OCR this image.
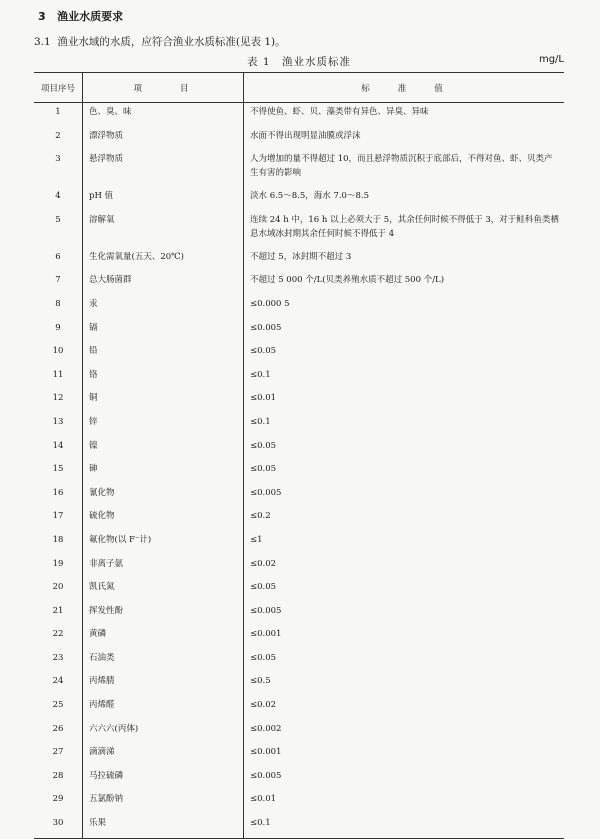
3 渔业水质要求

3.1 渔业水域的水质，应符合渔业水质标准(见表 1)。

表 1　渔业水质标准	mg/L
项目序号	项目	标准值
1	色、臭、味	不得使鱼、虾、贝、藻类带有异色、异臭、异味
2	漂浮物质	水面不得出现明显油膜或浮沫
3	悬浮物质	人为增加的量不得超过 10，而且悬浮物质沉积于底部后，不得对鱼、虾、贝类产生有害的影响
4	pH 值	淡水 6.5～8.5，海水 7.0～8.5
5	溶解氧	连续 24 h 中，16 h 以上必须大于 5，其余任何时候不得低于 3，对于鲑科鱼类栖息水域冰封期其余任何时候不得低于 4
6	生化需氧量(五天、20℃)	不超过 5，冰封期不超过 3
7	总大肠菌群	不超过 5 000 个/L(贝类养殖水质不超过 500 个/L)
8	汞	≤0.000 5
9	镉	≤0.005
10	铅	≤0.05
11	铬	≤0.1
12	铜	≤0.01
13	锌	≤0.1
14	镍	≤0.05
15	砷	≤0.05
16	氰化物	≤0.005
17	硫化物	≤0.2
18	氟化物(以 F⁻计)	≤1
19	非离子氨	≤0.02
20	凯氏氮	≤0.05
21	挥发性酚	≤0.005
22	黄磷	≤0.001
23	石油类	≤0.05
24	丙烯腈	≤0.5
25	丙烯醛	≤0.02
26	六六六(丙体)	≤0.002
27	滴滴涕	≤0.001
28	马拉硫磷	≤0.005
29	五氯酚钠	≤0.01
30	乐果	≤0.1
